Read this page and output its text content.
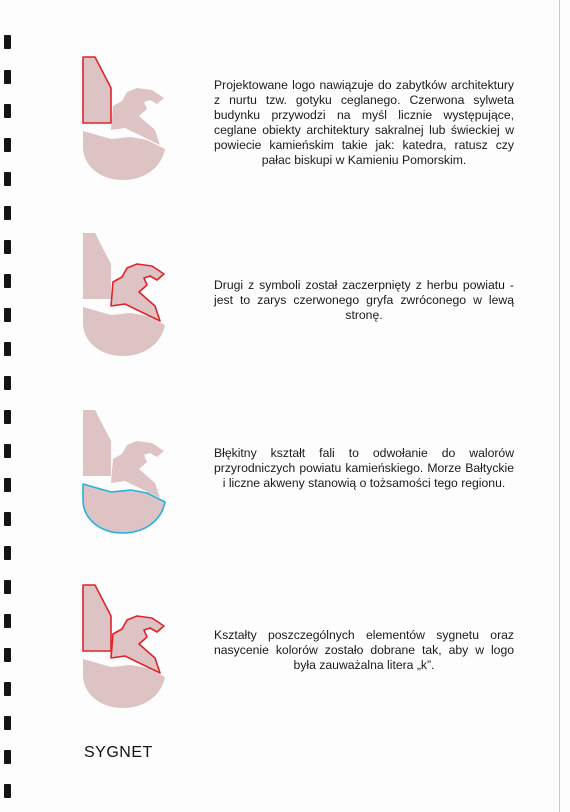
Projektowane logo nawiązuje do zabytków architektury z nurtu tzw. gotyku ceglanego. Czerwona sylweta budynku przywodzi na myśl licznie występujące, ceglane obiekty architektury sakralnej lub świeckiej w powiecie kamieńskim takie jak: katedra, ratusz czy pałac biskupi w Kamieniu Pomorskim.

Drugi z symboli został zaczerpnięty z herbu powiatu - jest to zarys czerwonego gryfa zwróconego w lewą stronę.

Błękitny kształt fali to odwołanie do walorów przyrodniczych powiatu kamieńskiego. Morze Bałtyckie i liczne akweny stanowią o tożsamości tego regionu.

Kształty poszczególnych elementów sygnetu oraz nasycenie kolorów zostało dobrane tak, aby w logo była zauważalna litera „k”.

SYGNET
